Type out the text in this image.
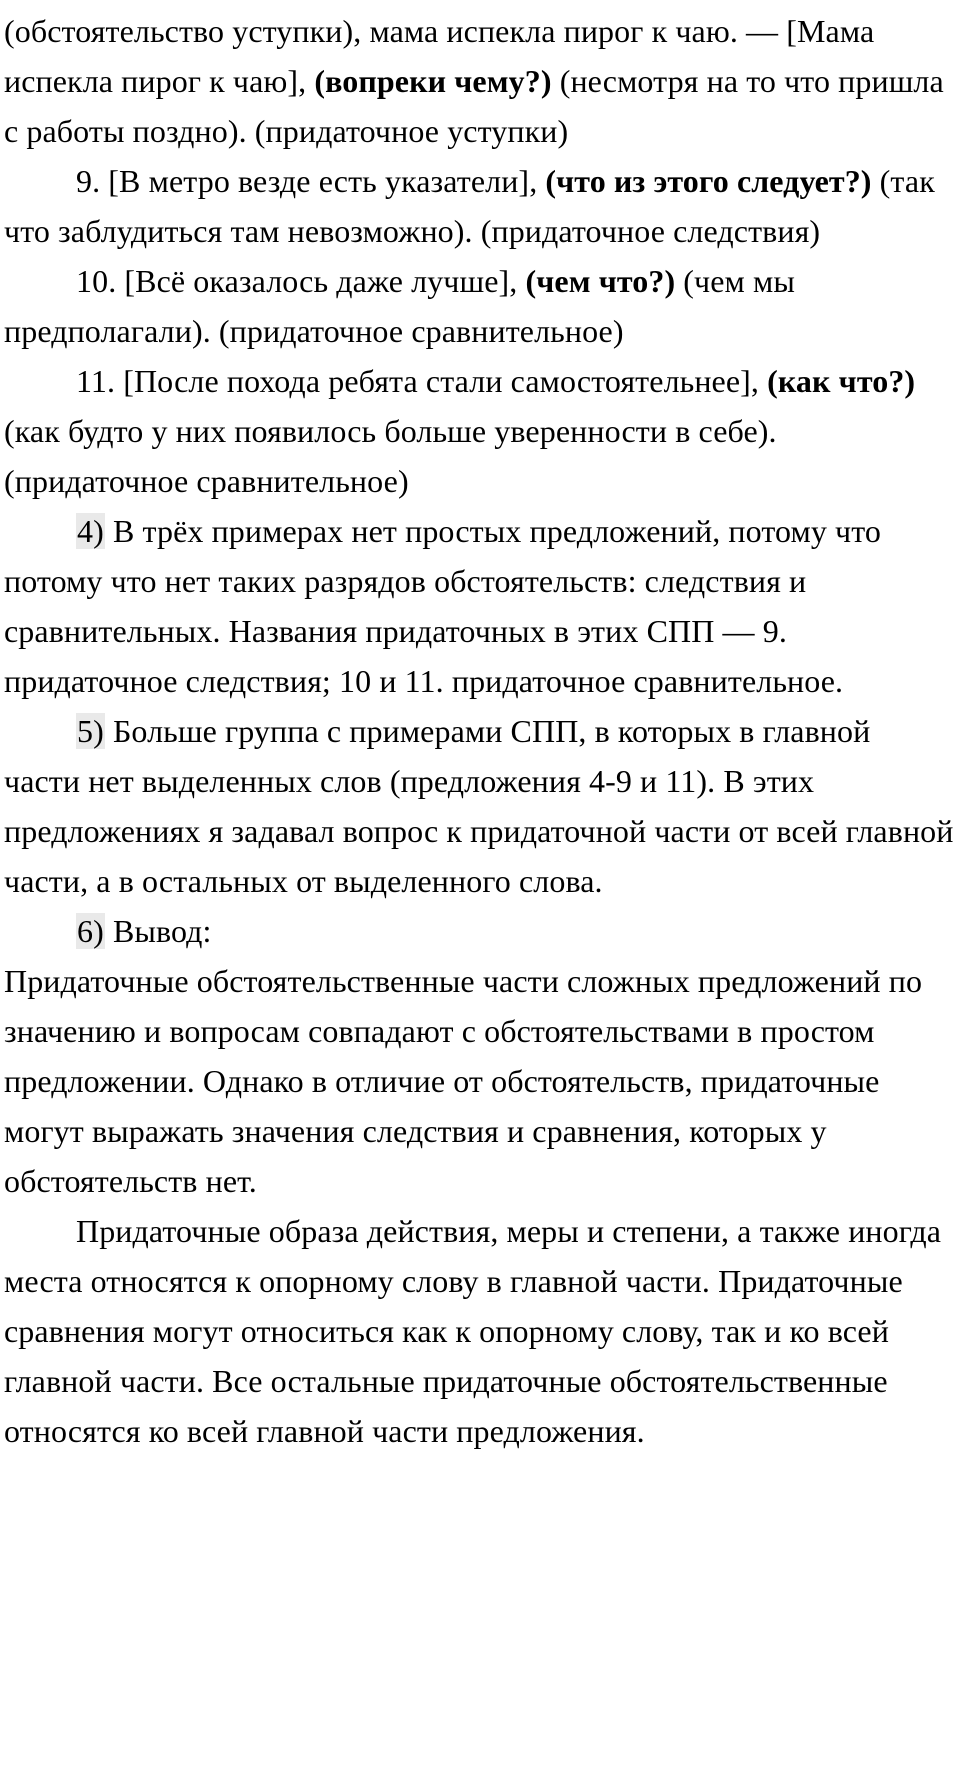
(обстоятельство уступки), мама испекла пирог к чаю. — [Мама испекла пирог к чаю], (вопреки чему?) (несмотря на то что пришла с работы поздно). (придаточное уступки)

9. [В метро везде есть указатели], (что из этого следует?) (так что заблудиться там невозможно). (придаточное следствия)

10. [Всё оказалось даже лучше], (чем что?) (чем мы предполагали). (придаточное сравнительное)

11. [После похода ребята стали самостоятельнее], (как что?) (как будто у них появилось больше уверенности в себе). (придаточное сравнительное)

4) В трёх примерах нет простых предложений, потому что потому что нет таких разрядов обстоятельств: следствия и сравнительных. Названия придаточных в этих СПП — 9. придаточное следствия; 10 и 11. придаточное сравнительное.

5) Больше группа с примерами СПП, в которых в главной части нет выделенных слов (предложения 4-9 и 11). В этих предложениях я задавал вопрос к придаточной части от всей главной части, а в остальных от выделенного слова.

6) Вывод:

Придаточные обстоятельственные части сложных предложений по значению и вопросам совпадают с обстоятельствами в простом предложении. Однако в отличие от обстоятельств, придаточные могут выражать значения следствия и сравнения, которых у обстоятельств нет.

Придаточные образа действия, меры и степени, а также иногда места относятся к опорному слову в главной части. Придаточные сравнения могут относиться как к опорному слову, так и ко всей главной части. Все остальные придаточные обстоятельственные относятся ко всей главной части предложения.
